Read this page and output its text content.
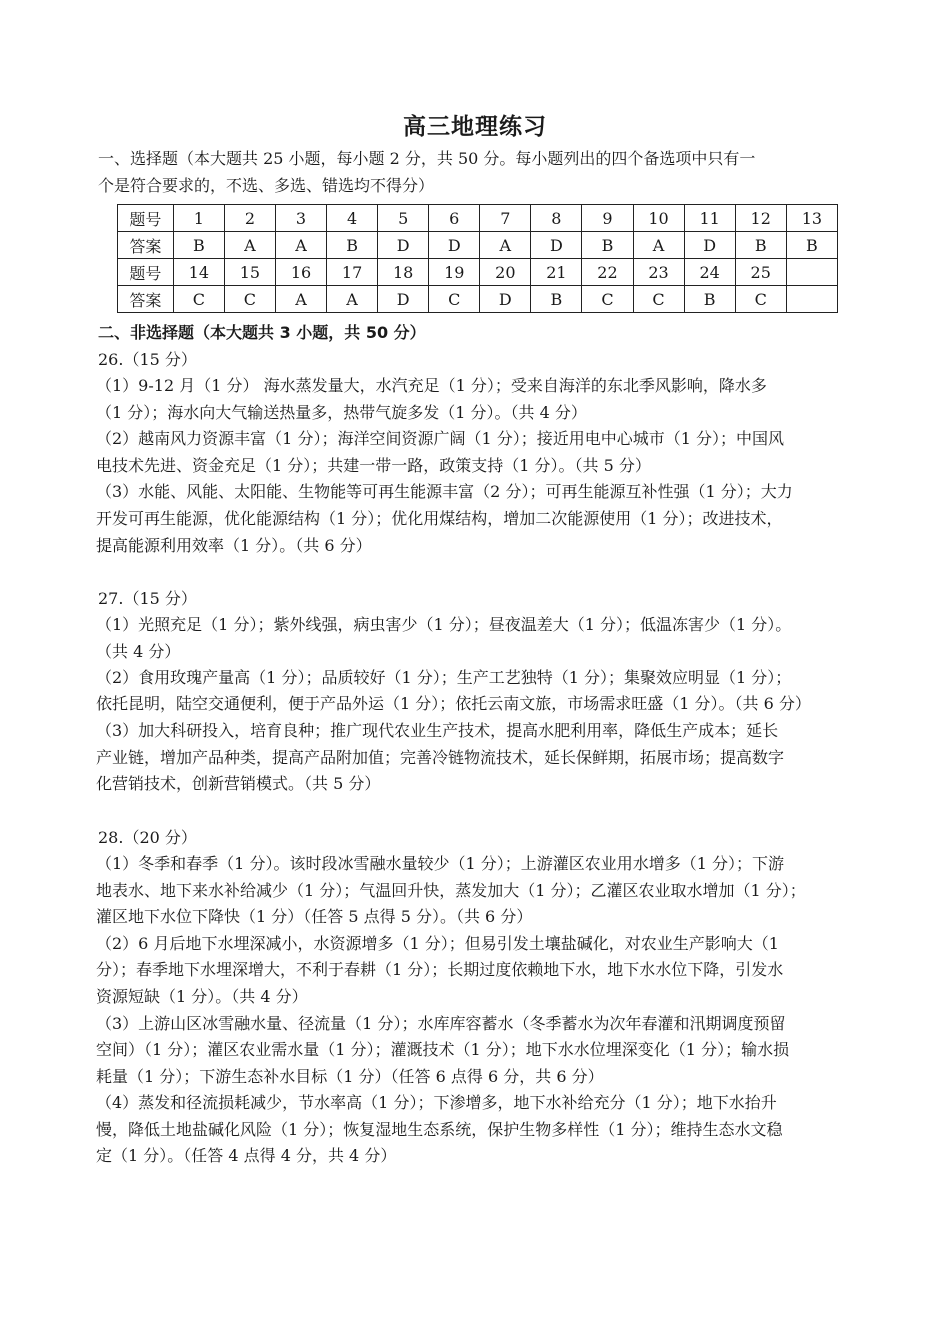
高三地理练习
一、选择题（本大题共 25 小题，每小题 2 分，共 50 分。每小题列出的四个备选项中只有一
个是符合要求的，不选、多选、错选均不得分）
题号	1	2	3	4	5	6	7	8	9	10	11	12	13
答案	B	A	A	B	D	D	A	D	B	A	D	B	B
题号	14	15	16	17	18	19	20	21	22	23	24	25	
答案	C	C	A	A	D	C	D	B	C	C	B	C	
二、非选择题（本大题共 3 小题，共 50 分）
26.（15 分）
（1）9-12 月（1 分） 海水蒸发量大，水汽充足（1 分）；受来自海洋的东北季风影响，降水多
（1 分）；海水向大气输送热量多，热带气旋多发（1 分）。（共 4 分）
（2）越南风力资源丰富（1 分）；海洋空间资源广阔（1 分）；接近用电中心城市（1 分）；中国风
电技术先进、资金充足（1 分）；共建一带一路，政策支持（1 分）。（共 5 分）
（3）水能、风能、太阳能、生物能等可再生能源丰富（2 分）；可再生能源互补性强（1 分）；大力
开发可再生能源，优化能源结构（1 分）；优化用煤结构，增加二次能源使用（1 分）；改进技术，
提高能源利用效率（1 分）。（共 6 分）
27.（15 分）
（1）光照充足（1 分）；紫外线强，病虫害少（1 分）；昼夜温差大（1 分）；低温冻害少（1 分）。
（共 4 分）
（2）食用玫瑰产量高（1 分）；品质较好（1 分）；生产工艺独特（1 分）；集聚效应明显（1 分）；
依托昆明，陆空交通便利，便于产品外运（1 分）；依托云南文旅，市场需求旺盛（1 分）。（共 6 分）
（3）加大科研投入，培育良种；推广现代农业生产技术，提高水肥利用率，降低生产成本；延长
产业链，增加产品种类，提高产品附加值；完善冷链物流技术，延长保鲜期，拓展市场；提高数字
化营销技术，创新营销模式。（共 5 分）
28.（20 分）
（1）冬季和春季（1 分）。该时段冰雪融水量较少（1 分）；上游灌区农业用水增多（1 分）；下游
地表水、地下来水补给减少（1 分）；气温回升快，蒸发加大（1 分）；乙灌区农业取水增加（1 分）；
灌区地下水位下降快（1 分）（任答 5 点得 5 分）。（共 6 分）
（2）6 月后地下水埋深减小，水资源增多（1 分）；但易引发土壤盐碱化，对农业生产影响大（1
分）；春季地下水埋深增大，不利于春耕（1 分）；长期过度依赖地下水，地下水水位下降，引发水
资源短缺（1 分）。（共 4 分）
（3）上游山区冰雪融水量、径流量（1 分）；水库库容蓄水（冬季蓄水为次年春灌和汛期调度预留
空间）（1 分）；灌区农业需水量（1 分）；灌溉技术（1 分）；地下水水位埋深变化（1 分）；输水损
耗量（1 分）；下游生态补水目标（1 分）（任答 6 点得 6 分，共 6 分）
（4）蒸发和径流损耗减少，节水率高（1 分）；下渗增多，地下水补给充分（1 分）；地下水抬升
慢，降低土地盐碱化风险（1 分）；恢复湿地生态系统，保护生物多样性（1 分）；维持生态水文稳
定（1 分）。（任答 4 点得 4 分，共 4 分）
